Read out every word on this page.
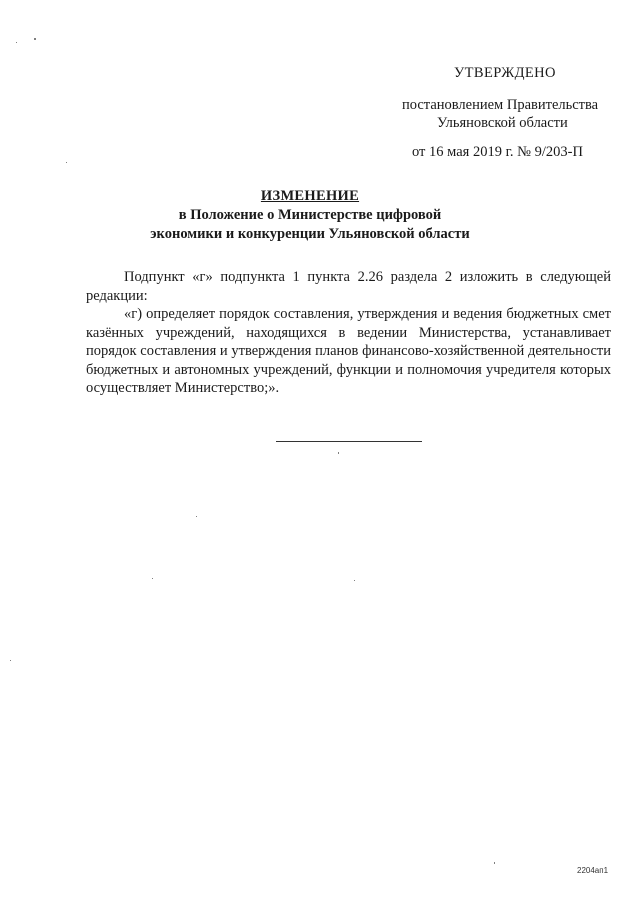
УТВЕРЖДЕНО
постановлением Правительства
Ульяновской области
от 16 мая 2019 г. № 9/203-П
ИЗМЕНЕНИЕ
в Положение о Министерстве цифровой
экономики и конкуренции Ульяновской области

Подпункт «г» подпункта 1 пункта 2.26 раздела 2 изложить в следующей редакции:

«г) определяет порядок составления, утверждения и ведения бюджетных смет казённых учреждений, находящихся в ведении Министерства, устанавливает порядок составления и утверждения планов финансово-хозяйственной деятельности бюджетных и автономных учреждений, функции и полномочия учредителя которых осуществляет Министерство;».

2204ап1
